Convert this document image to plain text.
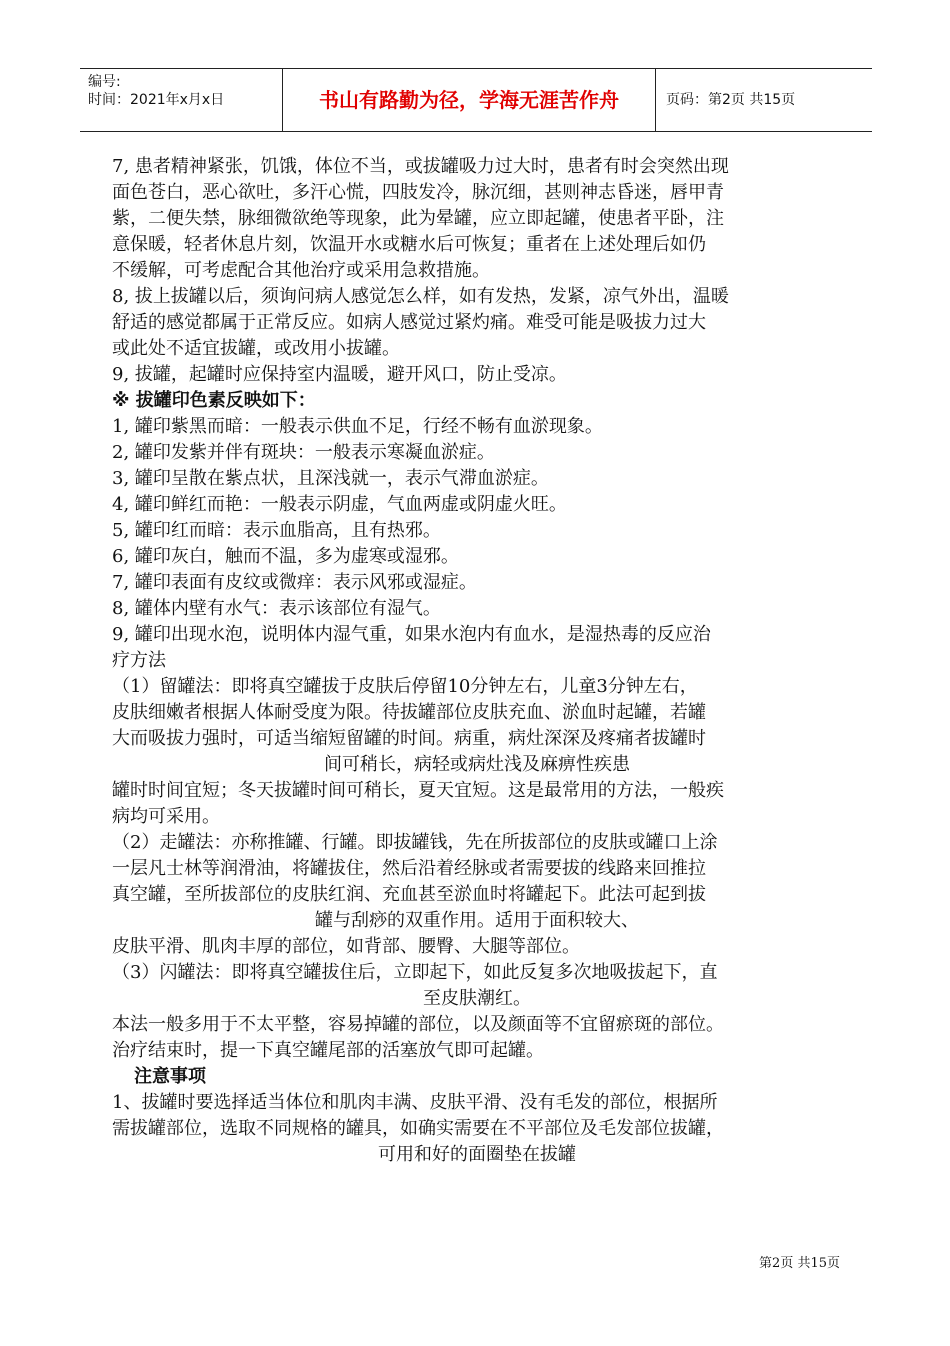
编号:
时间：2021年x月x日	书山有路勤为径，学海无涯苦作舟	页码：第2页 共15页

7, 患者精神紧张，饥饿，体位不当，或拔罐吸力过大时，患者有时会突然出现

面色苍白，恶心欲吐，多汗心慌，四肢发冷，脉沉细，甚则神志昏迷，唇甲青

紫，二便失禁，脉细微欲绝等现象，此为晕罐，应立即起罐，使患者平卧，注

意保暖，轻者休息片刻，饮温开水或糖水后可恢复；重者在上述处理后如仍

不缓解，可考虑配合其他治疗或采用急救措施。

8, 拔上拔罐以后，须询问病人感觉怎么样，如有发热，发紧，凉气外出，温暖

舒适的感觉都属于正常反应。如病人感觉过紧灼痛。难受可能是吸拔力过大

或此处不适宜拔罐，或改用小拔罐。

9, 拔罐，起罐时应保持室内温暖，避开风口，防止受凉。

※ 拔罐印色素反映如下：

1, 罐印紫黑而暗：一般表示供血不足，行经不畅有血淤现象。

2, 罐印发紫并伴有斑块：一般表示寒凝血淤症。

3, 罐印呈散在紫点状，且深浅就一，表示气滞血淤症。

4, 罐印鲜红而艳：一般表示阴虚，气血两虚或阴虚火旺。

5, 罐印红而暗：表示血脂高，且有热邪。

6, 罐印灰白，触而不温，多为虚寒或湿邪。

7, 罐印表面有皮纹或微痒：表示风邪或湿症。

8, 罐体内壁有水气：表示该部位有湿气。

9, 罐印出现水泡，说明体内湿气重，如果水泡内有血水，是湿热毒的反应治

疗方法

（1）留罐法：即将真空罐拔于皮肤后停留10分钟左右，儿童3分钟左右，

皮肤细嫩者根据人体耐受度为限。待拔罐部位皮肤充血、淤血时起罐，若罐

大而吸拔力强时，可适当缩短留罐的时间。病重，病灶深深及疼痛者拔罐时

间可稍长，病轻或病灶浅及麻痹性疾患

罐时时间宜短；冬天拔罐时间可稍长，夏天宜短。这是最常用的方法，一般疾

病均可采用。

（2）走罐法：亦称推罐、行罐。即拔罐钱，先在所拔部位的皮肤或罐口上涂

一层凡士林等润滑油，将罐拔住，然后沿着经脉或者需要拔的线路来回推拉

真空罐，至所拔部位的皮肤红润、充血甚至淤血时将罐起下。此法可起到拔

罐与刮痧的双重作用。适用于面积较大、

皮肤平滑、肌肉丰厚的部位，如背部、腰臀、大腿等部位。

（3）闪罐法：即将真空罐拔住后，立即起下，如此反复多次地吸拔起下，直

至皮肤潮红。

本法一般多用于不太平整，容易掉罐的部位，以及颜面等不宜留瘀斑的部位。

治疗结束时，提一下真空罐尾部的活塞放气即可起罐。

注意事项

1、拔罐时要选择适当体位和肌肉丰满、皮肤平滑、没有毛发的部位，根据所

需拔罐部位，选取不同规格的罐具，如确实需要在不平部位及毛发部位拔罐，

可用和好的面圈垫在拔罐

第2页 共15页
